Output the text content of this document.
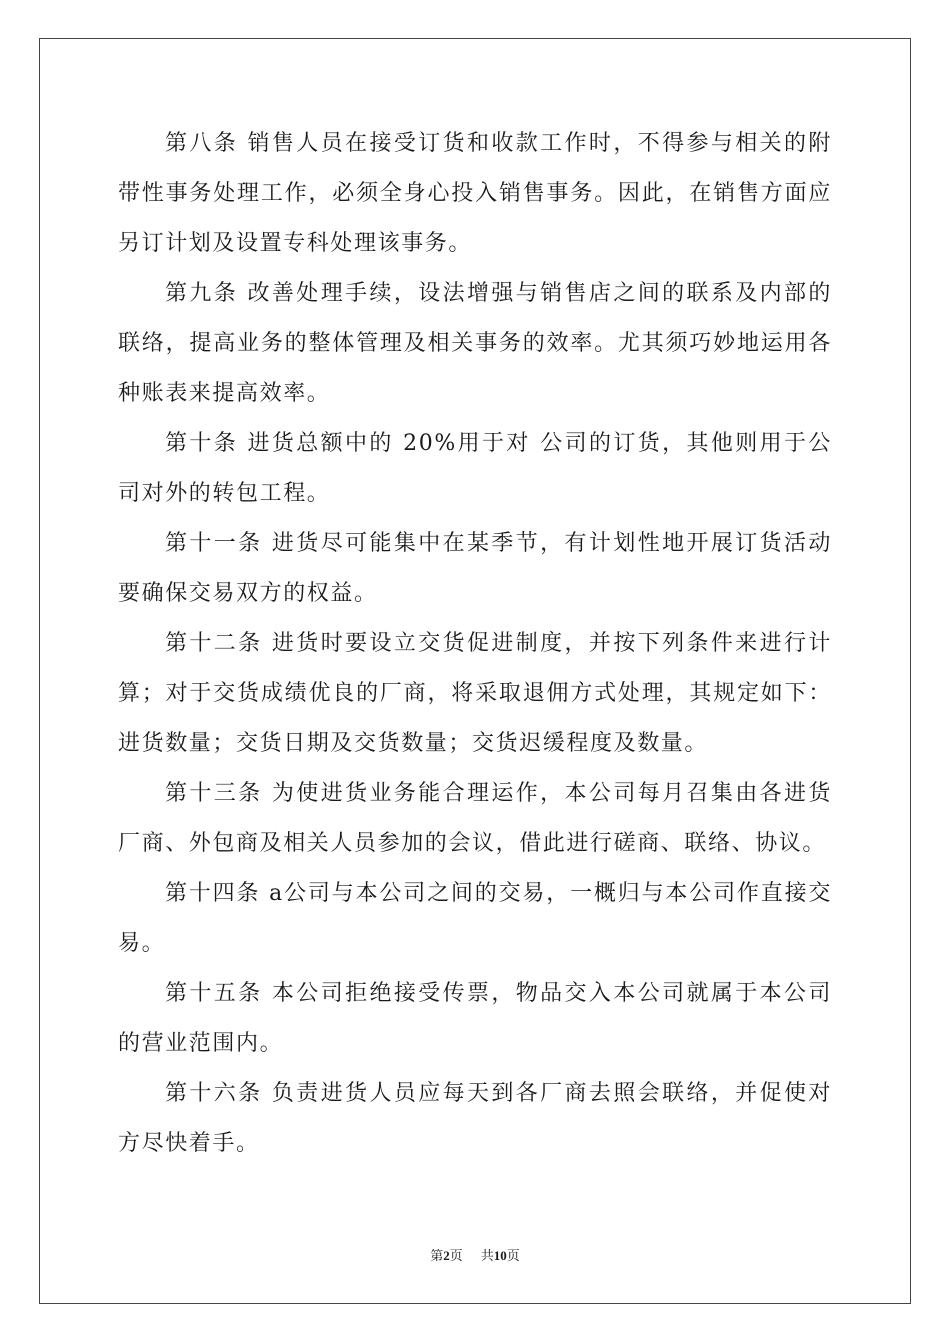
第八条 销售人员在接受订货和收款工作时，不得参与相关的附带性事务处理工作，必须全身心投入销售事务。因此，在销售方面应另订计划及设置专科处理该事务。

第九条 改善处理手续，设法增强与销售店之间的联系及内部的联络，提高业务的整体管理及相关事务的效率。尤其须巧妙地运用各种账表来提高效率。

第十条 进货总额中的 20%用于对 公司的订货，其他则用于公司对外的转包工程。

第十一条 进货尽可能集中在某季节，有计划性地开展订货活动要确保交易双方的权益。

第十二条 进货时要设立交货促进制度，并按下列条件来进行计算；对于交货成绩优良的厂商，将采取退佣方式处理，其规定如下：进货数量；交货日期及交货数量；交货迟缓程度及数量。

第十三条 为使进货业务能合理运作，本公司每月召集由各进货厂商、外包商及相关人员参加的会议，借此进行磋商、联络、协议。

第十四条 a公司与本公司之间的交易，一概归与本公司作直接交易。

第十五条 本公司拒绝接受传票，物品交入本公司就属于本公司的营业范围内。

第十六条 负责进货人员应每天到各厂商去照会联络，并促使对方尽快着手。

第2页 共10页
